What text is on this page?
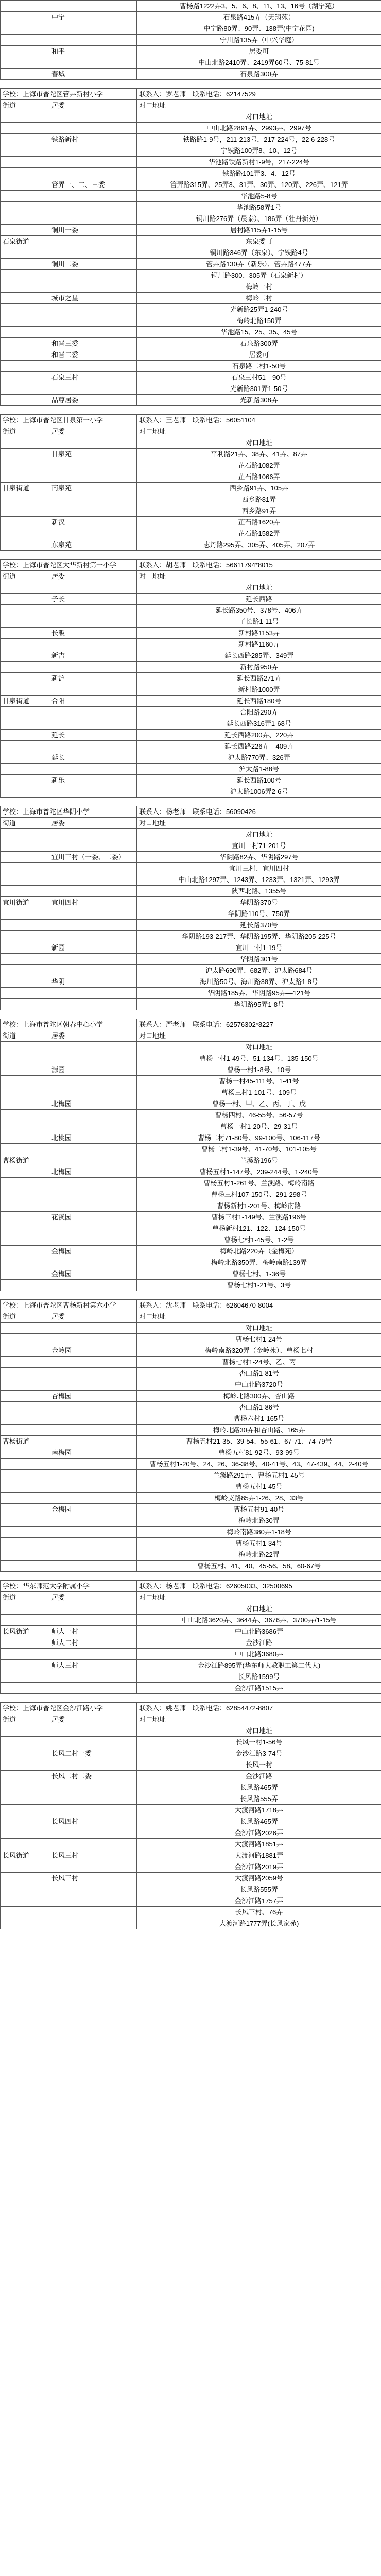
		曹杨路1222弄3、5、6、8、11、13、16号（湖宁苑）
	中宁	石泉路415弄（天翔苑）
		中宁路80弄、90弄、138弄(中宁花园)
		宁川路135弄（中兴华庭）
	和平	居委可
		中山北路2410弄、2419弄60号、75-81号
	春城	石泉路300弄
学校：上海市普陀区管弄新村小学		联系人：罗老师　联系电话：62147529
街道	居委	对口地址
		对口地址
		中山北路2891弄、2993弄、2997号
	铁路新村	铁路路1-9号，211-213号，217-224号，22 6-228号
		宁铁路100弄8、10、12号
		华池路铁路新村1-9号，217-224号
		铁路路101弄3、4、12号
	管弄一、二、三委	管弄路315弄、25弄3、31弄、30弄、120弄、226弄、121弄
		华池路5-8号
		华池路58弄1号
		铜川路276弄（晨泰）、186弄（牡丹新苑）
	铜川一委	居村路115弄1-15号
石泉街道		东泉委可
		铜川路346弄（东泉）、宁铁路4号
	铜川二委	管弄路130弄（新乐）、管弄路477弄
		铜川路300、305弄（石泉新村）
		梅岭一村
	城市之星	梅岭二村
		光新路25弄1-240号
		梅岭北路150弄
		华池路15、25、35、45号
	和晋三委	石泉路300弄
	和晋二委	居委可
		石泉路二村1-50号
	石泉三村	石泉三村51—90号
		光新路301弄1-50号
	品尊居委	光新路308弄
学校：上海市普陀区甘泉第一小学		联系人：王老师　联系电话：56051104
街道	居委	对口地址
		对口地址
	甘泉苑	平利路21弄、38弄、41弄、87弄
		芷石路1082弄
		芷石路1066弄
甘泉街道	南泉苑	西乡路91弄、105弄
		西乡路81弄
		西乡路91弄
	新汉	芷石路1620弄
		芷石路1582弄
	东泉苑	志丹路295弄、305弄、405弄、207弄
学校：上海市普陀区大华新村第一小学		联系人：胡老师　联系电话：56611794*8015
街道	居委	对口地址
		对口地址
	子长	延长西路
		延长路350号、378号、406弄
		子长路1-11号
	长畈	新村路1153弄
		新村路1160弄
	新吉	延长西路285弄、349弄
		新村路950弄
	新沪	延长西路271弄
		新村路1000弄
甘泉街道	合阳	延长西路180号
		合阳路290弄
		延长西路316弄1-68号
	延长	延长西路200弄、220弄
		延长西路226弄—409弄
	延长	沪太路770弄、326弄
		沪太路1-88号
	新乐	延长西路100号
		沪太路1006弄2-6号
学校：上海市普陀区华阴小学		联系人：杨老师　联系电话：56090426
街道	居委	对口地址
		对口地址
		宜川一村71-201号
	宜川三村（一委、二委）	华阴路82弄、华阴路297号
		宜川三村、宜川四村
		中山北路1297弄、1243弄、1233弄、1321弄、1293弄
		陕西北路、1355号
宜川街道	宜川四村	华阴路370号
		华阴路110号、750弄
		延长路370号
		华阴路193-217弄、华阴路195弄、华阴路205-225号
	新园	宜川一村1-19号
		华阴路301号
		沪太路690弄、682弄、沪太路684号
	华阴	海川路50号、海川路38弄、沪太路1-8号
		华阴路185弄、华阴路95弄—121号
		华阴路95弄1-8号
学校：上海市普陀区朝春中心小学		联系人：严老师　联系电话：62576302*8227
街道	居委	对口地址
		对口地址
		曹杨一村1-49号、51-134号、135-150号
	源园	曹杨一村1-8号、10号
		曹杨一村45-111号、1-41号
		曹杨三村1-101号、109号
	北梅园	曹杨一村、甲、乙、丙、丁、戊
		曹杨四村、46-55号、56-57号
		曹杨一村1-20号、29-31号
	北桃园	曹杨二村71-80号、99-100号、106-117号
		曹杨二村1-39号、41-70号、101-105号
曹杨街道		兰溪路196号
	北梅园	曹杨五村1-147号、239-244号、1-240号
		曹杨五村1-261号、兰溪路、梅岭南路
		曹杨三村107-150号、291-298号
		曹杨新村1-201号、梅岭南路
	花溪园	曹杨三村1-149号、兰溪路196号
		曹杨新村121、122、124-150号
		曹杨七村1-45号、1-2号
	金梅园	梅岭北路220弄（金梅苑）
		梅岭北路350弄、梅岭南路139弄
	金梅园	曹杨七村、1-36号
		曹杨七村1-21号、3号
学校：上海市普陀区曹杨新村第六小学		联系人：沈老师　联系电话：62604670-8004
街道	居委	对口地址
		对口地址
		曹杨七村1-24号
	金岭园	梅岭南路320弄（金岭苑）、曹杨七村
		曹杨七村1-24号、乙、丙
		杏山路1-81号
		中山北路3720号
	杏梅园	梅岭北路300弄、杏山路
		杏山路1-86号
		曹杨六村1-165号
		梅岭北路30弄和杏山路、165弄
曹杨街道		曹杨五村21-35、39-54、55-61、67-71、74-79号
	南梅园	曹杨五村81-92号、93-99号
		曹杨五村1-20号、24、26、36-38号、40-41号、43、47-439、44、2-40号
		兰溪路291弄、曹杨五村1-45号
		曹杨五村1-45号
		梅岭支路85弄1-26、28、33号
	金梅园	曹杨五村91-40号
		梅岭北路30弄
		梅岭南路380弄1-18号
		曹杨五村1-34号
		梅岭北路22弄
		曹杨五村、41、40、45-56、58、60-67号
学校：华东师范大学附属小学		联系人：杨老师　联系电话：62605033、32500695
街道	居委	对口地址
		对口地址
		中山北路3620弄、3644弄、3676弄、3700弄/1-15号
长风街道	师大一村	中山北路3686弄
	师大二村	金沙江路
		中山北路3680弄
	师大三村	金沙江路895弄(华东师大教职工第二代大)
		长风路1599号
		金沙江路1515弄
学校：上海市普陀区金沙江路小学		联系人：姚老师　联系电话：62854472-8807
街道	居委	对口地址
		对口地址
		长风一村1-56号
	长风二村一委	金沙江路3-74号
		长风一村
	长风二村二委	金沙江路
		长风路465弄
		长风路555弄
		大渡河路1718弄
	长风四村	长风路465弄
		金沙江路2026弄
		大渡河路1851弄
长风街道	长风三村	大渡河路1881弄
		金沙江路2019弄
	长风三村	大渡河路2059号
		长风路555弄
		金沙江路1757弄
		长风三村、76弄
		大渡河路1777弄(长风家苑)
